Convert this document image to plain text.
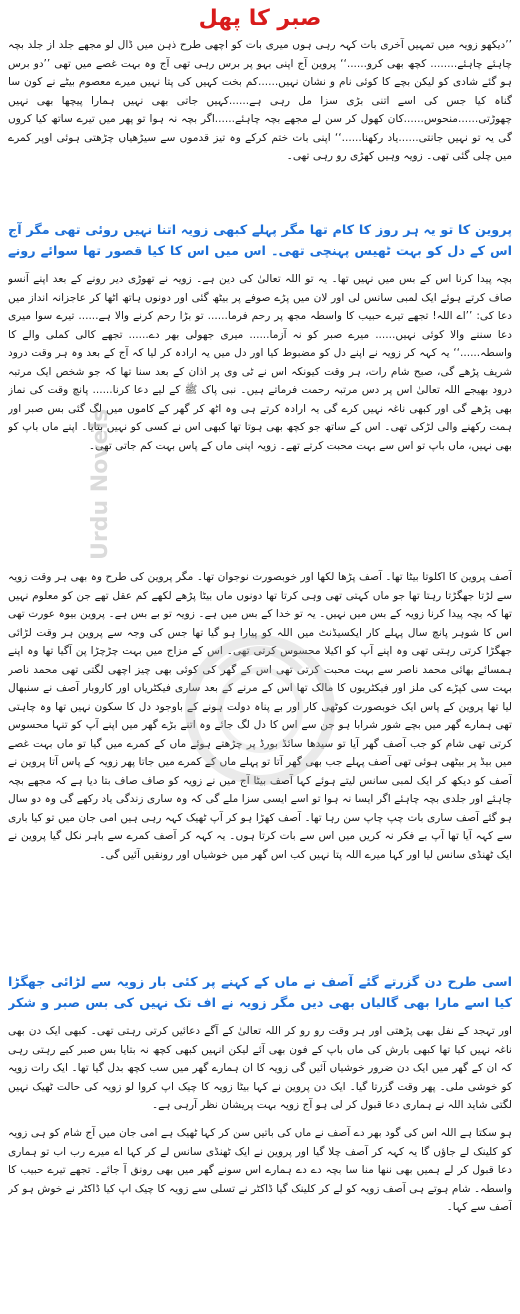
صبر کا پھل

’’دیکھو زویہ میں تمہیں آخری بات کہہ رہی ہوں میری بات کو اچھی طرح ذہن میں ڈال لو مجھے جلد از جلد بچہ چاہئے چاہئے........ کچھ بھی کرو......‘‘ پروین آج اپنی بہو پر برس رہی تھی آج وہ بہت غصے میں تھی ’’دو برس ہو گئے شادی کو لیکن بچے کا کوئی نام و نشان نہیں......کم بخت کہیں کی پتا نہیں میرے معصوم بیٹے نے کون سا گناہ کیا جس کی اسے اتنی بڑی سزا مل رہی ہے......کہیں جاتی بھی نہیں ہمارا پیچھا بھی نہیں چھوڑتی......منحوس......کان کھول کر سن لے مجھے بچہ چاہئے......اگر بچہ نہ ہوا تو پھر میں تیرے ساتھ کیا کروں گی یہ تو نہیں جانتی......یاد رکھنا......‘‘ اپنی بات ختم کرکے وہ تیز قدموں سے سیڑھیاں چڑھتی ہوئی اوپر کمرے میں چلی گئی تھی۔ زویہ وہیں کھڑی رو رہی تھی۔

پروین کا تو یہ ہر روز کا کام تھا مگر پہلے کبھی زویہ اتنا نہیں روئی تھی مگر آج اس کے دل کو بہت ٹھیس پہنچی تھی۔ اس میں اس کا کیا قصور تھا سوائے رونے

بچہ پیدا کرنا اس کے بس میں نہیں تھا۔ یہ تو اللہ تعالیٰ کی دین ہے۔ زویہ نے تھوڑی دیر رونے کے بعد اپنے آنسو صاف کرتے ہوئے ایک لمبی سانس لی اور لان میں پڑے صوفے پر بیٹھ گئی اور دونوں ہاتھ اٹھا کر عاجزانہ انداز میں دعا کی: ’’اے اللہ! تجھے تیرے حبیب کا واسطہ مجھ پر رحم فرما...... تو بڑا رحم کرنے والا ہے...... تیرے سوا میری دعا سننے والا کوئی نہیں...... میرے صبر کو نہ آزما...... میری جھولی بھر دے...... تجھے کالی کملی والے کا واسطہ......‘‘ یہ کہہ کر زویہ نے اپنے دل کو مضبوط کیا اور دل میں یہ ارادہ کر لیا کہ آج کے بعد وہ ہر وقت درود شریف پڑھے گی، صبح شام رات، ہر وقت کیونکہ اس نے ٹی وی پر اذان کے بعد سنا تھا کہ جو شخص ایک مرتبہ درود بھیجے اللہ تعالیٰ اس پر دس مرتبہ رحمت فرماتے ہیں۔ نبی پاک ﷺ کے لیے دعا کرنا...... پانچ وقت کی نماز بھی پڑھے گی اور کبھی ناغہ نہیں کرے گی یہ ارادہ کرتے ہی وہ اٹھ کر گھر کے کاموں میں لگ گئی بس صبر اور ہمت رکھنے والی لڑکی تھی۔ اس کے ساتھ جو کچھ بھی ہوتا تھا کبھی اس نے کسی کو نہیں بتایا۔ اپنے ماں باپ کو بھی نہیں، ماں باپ تو اس سے بہت محبت کرتے تھے۔ زویہ اپنی ماں کے پاس بہت کم جاتی تھی۔

آصف پروین کا اکلوتا بیٹا تھا۔ آصف پڑھا لکھا اور خوبصورت نوجوان تھا۔ مگر پروین کی طرح وہ بھی ہر وقت زویہ سے لڑتا جھگڑتا رہتا تھا جو ماں کہتی تھی وہی کرتا تھا دونوں ماں بیٹا پڑھے لکھے کم عقل تھے جن کو معلوم نہیں تھا کہ بچہ پیدا کرنا زویہ کے بس میں نہیں۔ یہ تو خدا کے بس میں ہے۔ زویہ تو بے بس ہے۔ پروین بیوہ عورت تھی اس کا شوہر پانچ سال پہلے کار ایکسیڈنٹ میں اللہ کو پیارا ہو گیا تھا جس کی وجہ سے پروین ہر وقت لڑائی جھگڑا کرتی رہتی تھی وہ اپنے آپ کو اکیلا محسوس کرتی تھی۔ اس کے مزاج میں بہت چڑچڑا پن آگیا تھا وہ اپنے ہمسائے بھائی محمد ناصر سے بہت محبت کرتی تھی اس کے گھر کی کوئی بھی چیز اچھی لگتی تھی محمد ناصر بہت سی کپڑے کی ملز اور فیکٹریوں کا مالک تھا اس کے مرنے کے بعد ساری فیکٹریاں اور کاروبار آصف نے سنبھال لیا تھا پروین کے پاس ایک خوبصورت کوٹھی کار اور بے پناہ دولت ہونے کے باوجود دل کا سکون نہیں تھا وہ چاہتی تھی ہمارے گھر میں بچے شور شرابا ہو جن سے اس کا دل لگ جائے وہ اتنے بڑے گھر میں اپنے آپ کو تنہا محسوس کرتی تھی شام کو جب آصف گھر آیا تو سیدھا سائڈ بورڈ پر چڑھتے ہوئے ماں کے کمرے میں گیا تو ماں بہت غصے میں بیڈ پر بیٹھی ہوئی تھی آصف پہلے جب بھی گھر آتا تو پہلے ماں کے کمرے میں جاتا پھر زویہ کے پاس آتا پروین نے آصف کو دیکھ کر ایک لمبی سانس لیتے ہوئے کہا آصف بیٹا آج میں نے زویہ کو صاف صاف بتا دیا ہے کہ مجھے بچہ چاہئے اور جلدی بچہ چاہئے اگر ایسا نہ ہوا تو اسے ایسی سزا ملے گی کہ وہ ساری زندگی یاد رکھے گی وہ دو سال ہو گئے آصف ساری بات چپ چاپ سن رہا تھا۔ آصف کھڑا ہو کر آپ ٹھیک کہہ رہی ہیں امی جان میں تو کیا باری سے کہہ آیا تھا آپ بے فکر نہ کریں میں اس سے بات کرتا ہوں۔ یہ کہہ کر آصف کمرے سے باہر نکل گیا پروین نے ایک ٹھنڈی سانس لیا اور کہا میرے اللہ پتا نہیں کب اس گھر میں خوشیاں اور رونقیں آئیں گی۔

اسی طرح دن گزرتے گئے آصف نے ماں کے کہنے پر کئی بار زویہ سے لڑائی جھگڑا کیا اسے مارا بھی گالیاں بھی دیں مگر زویہ نے اف تک نہیں کی بس صبر و شکر

اور تہجد کے نفل بھی پڑھتی اور ہر وقت رو رو کر اللہ تعالیٰ کے آگے دعائیں کرتی رہتی تھی۔ کبھی ایک دن بھی ناغہ نہیں کیا تھا کبھی بارش کی ماں باپ کے فون بھی آئے لیکن انہیں کبھی کچھ نہ بتایا بس صبر کیے رہتی رہی کہ ان کے گھر میں ایک دن ضرور خوشیاں آئیں گی زویہ کا ان ہمارے گھر میں سب کچھ بدل گیا تھا۔ ایک رات زویہ کو خوشی ملی۔ پھر وقت گزرتا گیا۔ ایک دن پروین نے کہا بیٹا زویہ کا چیک اپ کروا لو زویہ کی حالت ٹھیک نہیں لگتی شاید اللہ نے ہماری دعا قبول کر لی ہو آج زویہ بہت پریشان نظر آرہی ہے۔

ہو سکتا ہے اللہ اس کی گود بھر دے آصف نے ماں کی باتیں سن کر کہا ٹھیک ہے امی جان میں آج شام کو ہی زویہ کو کلینک لے جاؤں گا یہ کہہ کر آصف چلا گیا اور پروین نے ایک ٹھنڈی سانس لے کر کہا اے میرے رب اب تو ہماری دعا قبول کر لے ہمیں بھی ننھا منا سا بچہ دے دے ہمارے اس سونے گھر میں بھی رونق آ جائے۔ تجھے تیرے حبیب کا واسطہ۔ شام ہوتے ہی آصف زویہ کو لے کر کلینک گیا ڈاکٹر نے تسلی سے زویہ کا چیک اپ کیا ڈاکٹر نے خوش ہو کر آصف سے کہا۔

Urdu Novels
